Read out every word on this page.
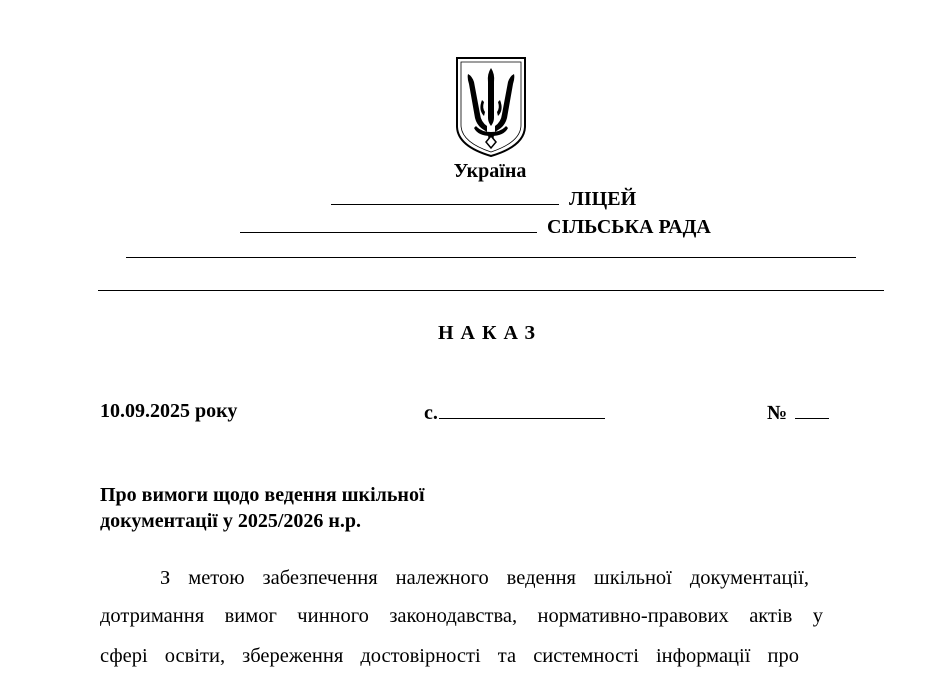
Україна
ЛІЦЕЙ
СІЛЬСЬКА РАДА
НАКАЗ
10.09.2025 року	с.	№
Про вимоги щодо ведення шкільної
документації у 2025/2026 н.р.
З метою забезпечення належного ведення шкільної документації,
дотримання вимог чинного законодавства, нормативно-правових актів у
сфері освіти, збереження достовірності та системності інформації про
